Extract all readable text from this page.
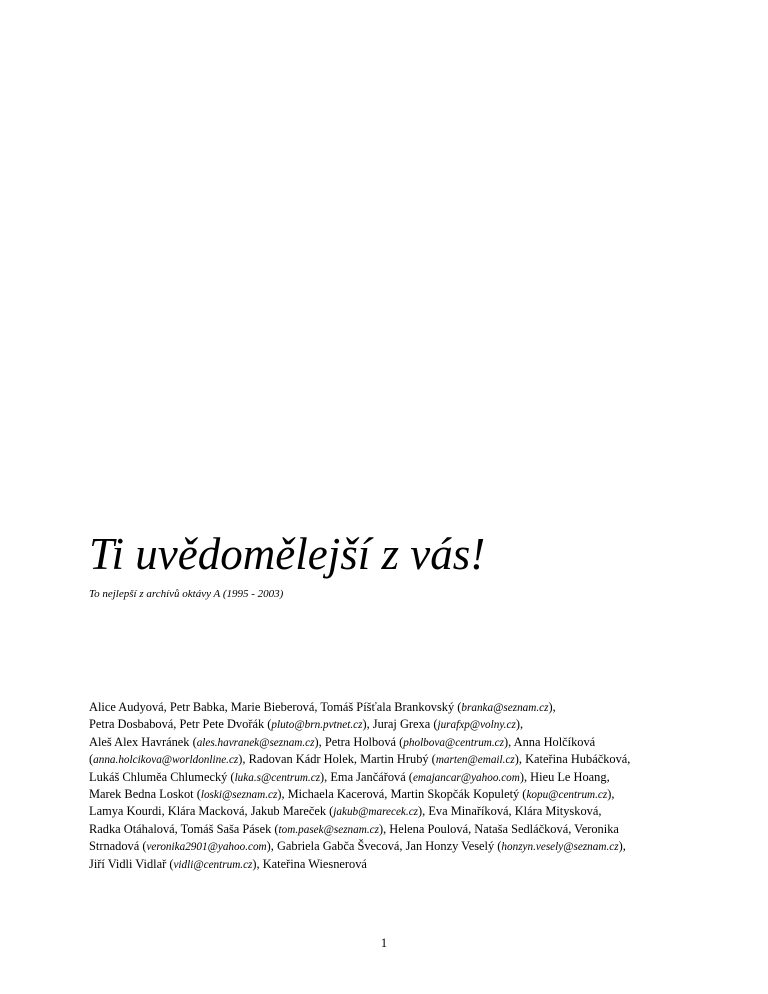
Ti uvědomělejší z vás!

To nejlepší z archívů oktávy A (1995 - 2003)

Alice Audyová, Petr Babka, Marie Bieberová, Tomáš Píšťala Brankovský (branka@seznam.cz),
Petra Dosbabová, Petr Pete Dvořák (pluto@brn.pvtnet.cz), Juraj Grexa (jurafxp@volny.cz),
Aleš Alex Havránek (ales.havranek@seznam.cz), Petra Holbová (pholbova@centrum.cz), Anna Holčíková
(anna.holcikova@worldonline.cz), Radovan Kádr Holek, Martin Hrubý (marten@email.cz), Kateřina Hubáčková,
Lukáš Chluměa Chlumecký (luka.s@centrum.cz), Ema Jančářová (emajancar@yahoo.com), Hieu Le Hoang,
Marek Bedna Loskot (loski@seznam.cz), Michaela Kacerová, Martin Skopčák Kopuletý (kopu@centrum.cz),
Lamya Kourdi, Klára Macková, Jakub Mareček (jakub@marecek.cz), Eva Minaříková, Klára Mitysková,
Radka Otáhalová, Tomáš Saša Pásek (tom.pasek@seznam.cz), Helena Poulová, Nataša Sedláčková, Veronika
Strnadová (veronika2901@yahoo.com), Gabriela Gabča Švecová, Jan Honzy Veselý (honzyn.vesely@seznam.cz),
Jiří Vidli Vidlař (vidli@centrum.cz), Kateřina Wiesnerová
1
